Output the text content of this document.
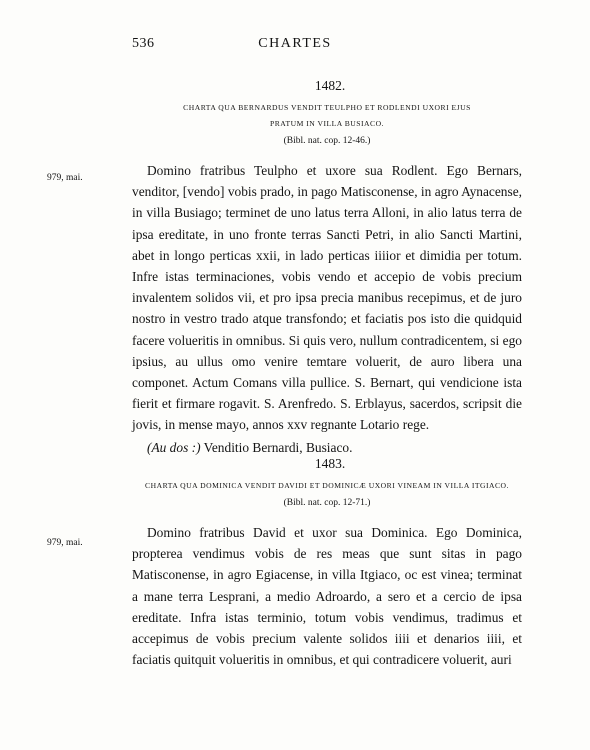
536	CHARTES
1482.
CHARTA QUA BERNARDUS VENDIT TEULPHO ET RODLENDI UXORI EJUS
PRATUM IN VILLA BUSIACO.
(Bibl. nat. cop. 12-46.)
979, mai.	Domino fratribus Teulpho et uxore sua Rodlent. Ego Bernars, venditor, [vendo] vobis prado, in pago Matisconense, in agro Aynacense, in villa Busiago; terminet de uno latus terra Alloni, in alio latus terra de ipsa ereditate, in uno fronte terras Sancti Petri, in alio Sancti Martini, abet in longo perticas xxii, in lado perticas iiiior et dimidia per totum. Infre istas terminaciones, vobis vendo et accepio de vobis precium invalentem solidos vii, et pro ipsa precia manibus recepimus, et de juro nostro in vestro trado atque transfondo; et faciatis pos isto die quidquid facere volueritis in omnibus. Si quis vero, nullum contradicentem, si ego ipsius, au ullus omo venire temtare voluerit, de auro libera una componet. Actum Comans villa pullice. S. Bernart, qui vendicione ista fierit et firmare rogavit. S. Arenfredo. S. Erblayus, sacerdos, scripsit die jovis, in mense mayo, annos xxv regnante Lotario rege.

(Au dos :) Venditio Bernardi, Busiaco.

1483.
CHARTA QUA DOMINICA VENDIT DAVIDI ET DOMINICÆ UXORI VINEAM IN VILLA ITGIACO.
(Bibl. nat. cop. 12-71.)
979, mai.

Domino fratribus David et uxor sua Dominica. Ego Dominica, propterea vendimus vobis de res meas que sunt sitas in pago Matisconense, in agro Egiacense, in villa Itgiaco, oc est vinea; terminat a mane terra Lesprani, a medio Adroardo, a sero et a cercio de ipsa ereditate. Infra istas terminio, totum vobis vendimus, tradimus et accepimus de vobis precium valente solidos iiii et denarios iiii, et faciatis quitquit volueritis in omnibus, et qui contradicere voluerit, auri
